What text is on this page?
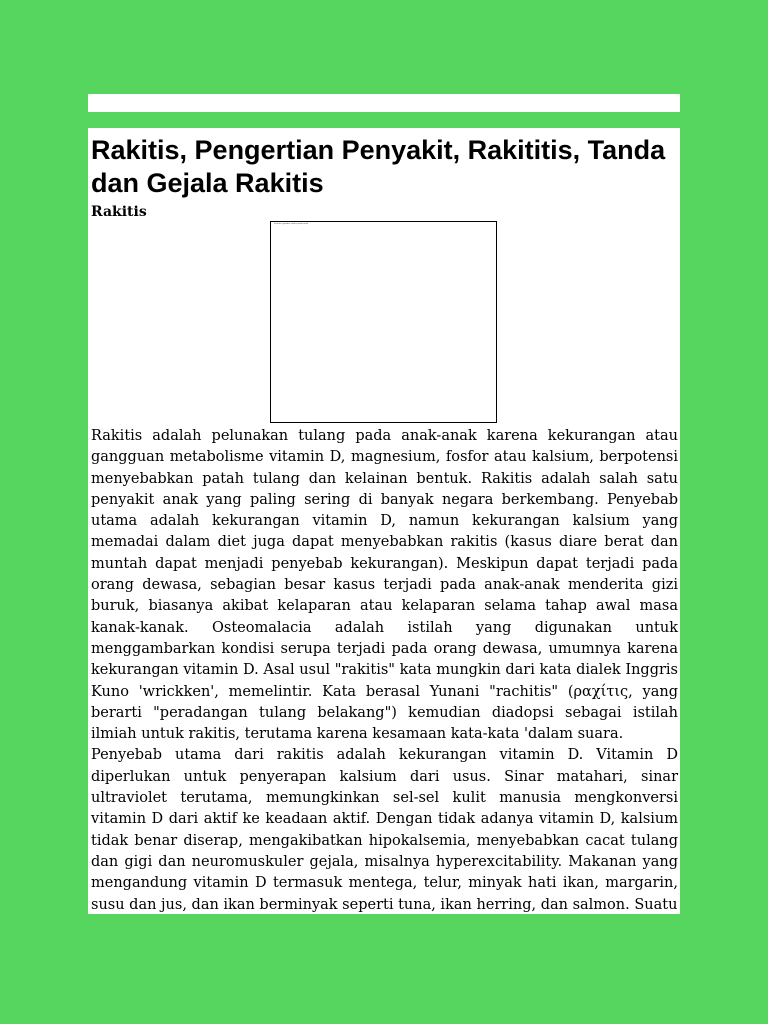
Rakitis, Pengertian Penyakit, Rakititis, Tanda dan Gejala Rakitis
Rakitis
ilustrasi gambar rakitis pada anak

Rakitis adalah pelunakan tulang pada anak-anak karena kekurangan atau gangguan metabolisme vitamin D, magnesium, fosfor atau kalsium, berpotensi menyebabkan patah tulang dan kelainan bentuk. Rakitis adalah salah satu penyakit anak yang paling sering di banyak negara berkembang. Penyebab utama adalah kekurangan vitamin D, namun kekurangan kalsium yang memadai dalam diet juga dapat menyebabkan rakitis (kasus diare berat dan muntah dapat menjadi penyebab kekurangan). Meskipun dapat terjadi pada orang dewasa, sebagian besar kasus terjadi pada anak-anak menderita gizi buruk, biasanya akibat kelaparan atau kelaparan selama tahap awal masa kanak-kanak. Osteomalacia adalah istilah yang digunakan untuk menggambarkan kondisi serupa terjadi pada orang dewasa, umumnya karena kekurangan vitamin D. Asal usul "rakitis" kata mungkin dari kata dialek Inggris Kuno 'wrickken', memelintir. Kata berasal Yunani "rachitis" (ραχίτις, yang berarti "peradangan tulang belakang") kemudian diadopsi sebagai istilah ilmiah untuk rakitis, terutama karena kesamaan kata-kata 'dalam suara.

Penyebab utama dari rakitis adalah kekurangan vitamin D. Vitamin D diperlukan untuk penyerapan kalsium dari usus. Sinar matahari, sinar ultraviolet terutama, memungkinkan sel-sel kulit manusia mengkonversi vitamin D dari aktif ke keadaan aktif. Dengan tidak adanya vitamin D, kalsium tidak benar diserap, mengakibatkan hipokalsemia, menyebabkan cacat tulang dan gigi dan neuromuskuler gejala, misalnya hyperexcitability. Makanan yang mengandung vitamin D termasuk mentega, telur, minyak hati ikan, margarin, susu dan jus, dan ikan berminyak seperti tuna, ikan herring, dan salmon. Suatu
